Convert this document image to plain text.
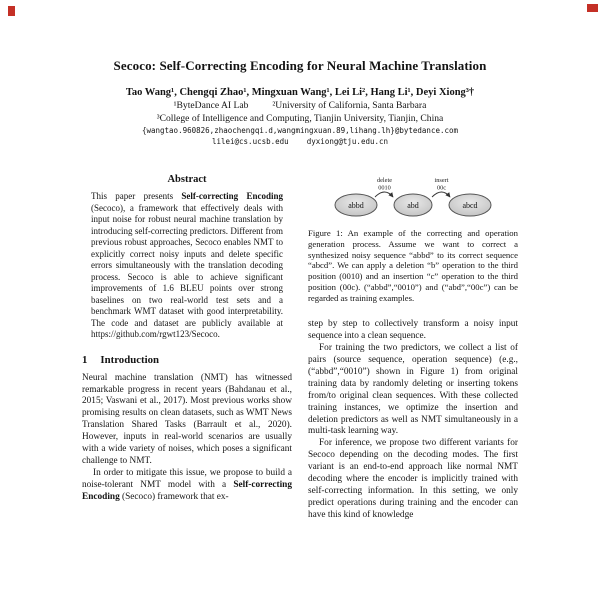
Secoco: Self-Correcting Encoding for Neural Machine Translation
Tao Wang¹, Chengqi Zhao¹, Mingxuan Wang¹, Lei Li², Hang Li¹, Deyi Xiong³†
¹ByteDance AI Lab          ²University of California, Santa Barbara
³College of Intelligence and Computing, Tianjin University, Tianjin, China
{wangtao.960826,zhaochengqi.d,wangmingxuan.89,lihang.lh}@bytedance.com
lilei@cs.ucsb.edu    dyxiong@tju.edu.cn
Abstract

This paper presents Self-correcting Encoding (Secoco), a framework that effectively deals with input noise for robust neural machine translation by introducing self-correcting predictors. Different from previous robust approaches, Secoco enables NMT to explicitly correct noisy inputs and delete specific errors simultaneously with the translation decoding process. Secoco is able to achieve significant improvements of 1.6 BLEU points over strong baselines on two real-world test sets and a benchmark WMT dataset with good interpretability. The code and dataset are publicly available at https://github.com/rgwt123/Secoco.

1 Introduction

Neural machine translation (NMT) has witnessed remarkable progress in recent years (Bahdanau et al., 2015; Vaswani et al., 2017). Most previous works show promising results on clean datasets, such as WMT News Translation Shared Tasks (Barrault et al., 2020). However, inputs in real-world scenarios are usually with a wide variety of noises, which poses a significant challenge to NMT.

In order to mitigate this issue, we propose to build a noise-tolerant NMT model with a Self-correcting Encoding (Secoco) framework that ex-

abbd	abd	abcd
delete
0010
insert
00c

Figure 1: An example of the correcting and operation generation process. Assume we want to correct a synthesized noisy sequence “abbd” to its correct sequence “abcd”. We can apply a deletion “b” operation to the third position (0010) and an insertion “c” operation to the third position (00c). (“abbd”,“0010”) and (“abd”,“00c”) can be regarded as training examples.

step by step to collectively transform a noisy input sequence into a clean sequence.

For training the two predictors, we collect a list of pairs (source sequence, operation sequence) (e.g., (“abbd”,“0010”) shown in Figure 1) from original training data by randomly deleting or inserting tokens from/to original clean sequences. With these collected training instances, we optimize the insertion and deletion predictors as well as NMT simultaneously in a multi-task learning way.

For inference, we propose two different variants for Secoco depending on the decoding modes. The first variant is an end-to-end approach like normal NMT decoding where the encoder is implicitly trained with self-correcting information. In this setting, we only predict operations during training and the encoder can have this kind of knowledge
